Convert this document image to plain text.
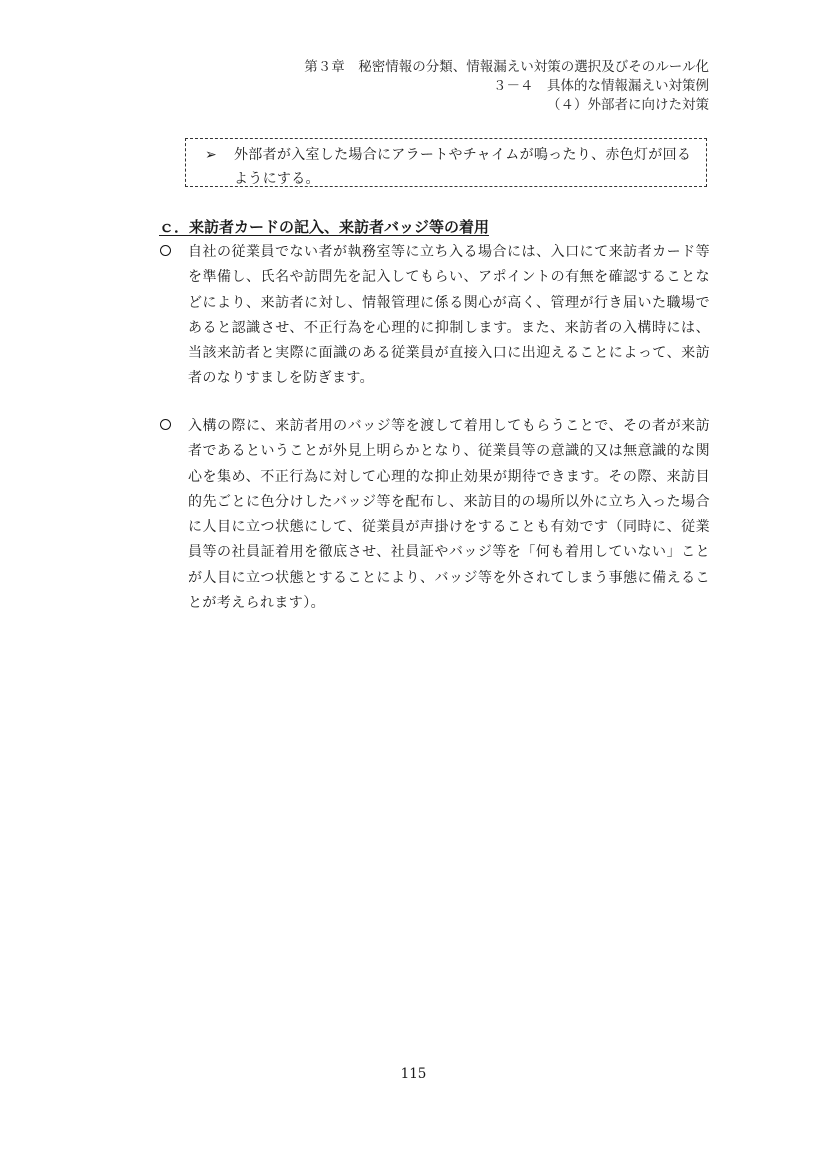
第３章　秘密情報の分類、情報漏えい対策の選択及びそのルール化
３－４　具体的な情報漏えい対策例
（４）外部者に向けた対策
➢ 外部者が入室した場合にアラートやチャイムが鳴ったり、赤色灯が回るようにする。
ｃ．来訪者カードの記入、来訪者バッジ等の着用
自社の従業員でない者が執務室等に立ち入る場合には、入口にて来訪者カード等を準備し、氏名や訪問先を記入してもらい、アポイントの有無を確認することなどにより、来訪者に対し、情報管理に係る関心が高く、管理が行き届いた職場であると認識させ、不正行為を心理的に抑制します。また、来訪者の入構時には、当該来訪者と実際に面識のある従業員が直接入口に出迎えることによって、来訪者のなりすましを防ぎます。
入構の際に、来訪者用のバッジ等を渡して着用してもらうことで、その者が来訪者であるということが外見上明らかとなり、従業員等の意識的又は無意識的な関心を集め、不正行為に対して心理的な抑止効果が期待できます。その際、来訪目的先ごとに色分けしたバッジ等を配布し、来訪目的の場所以外に立ち入った場合に人目に立つ状態にして、従業員が声掛けをすることも有効です（同時に、従業員等の社員証着用を徹底させ、社員証やバッジ等を「何も着用していない」ことが人目に立つ状態とすることにより、バッジ等を外されてしまう事態に備えることが考えられます）。
115
